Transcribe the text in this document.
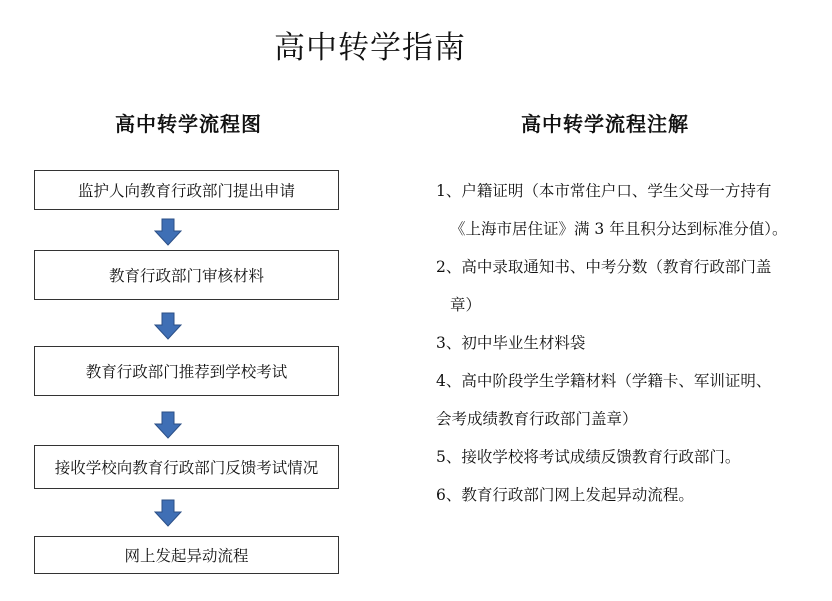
高中转学指南
高中转学流程图	高中转学流程注解
监护人向教育行政部门提出申请
教育行政部门审核材料
教育行政部门推荐到学校考试
接收学校向教育行政部门反馈考试情况
网上发起异动流程
1、户籍证明（本市常住户口、学生父母一方持有
《上海市居住证》满 3 年且积分达到标准分值）。
2、高中录取通知书、中考分数（教育行政部门盖
章）
3、初中毕业生材料袋
4、高中阶段学生学籍材料（学籍卡、军训证明、
会考成绩教育行政部门盖章）
5、接收学校将考试成绩反馈教育行政部门。
6、教育行政部门网上发起异动流程。
